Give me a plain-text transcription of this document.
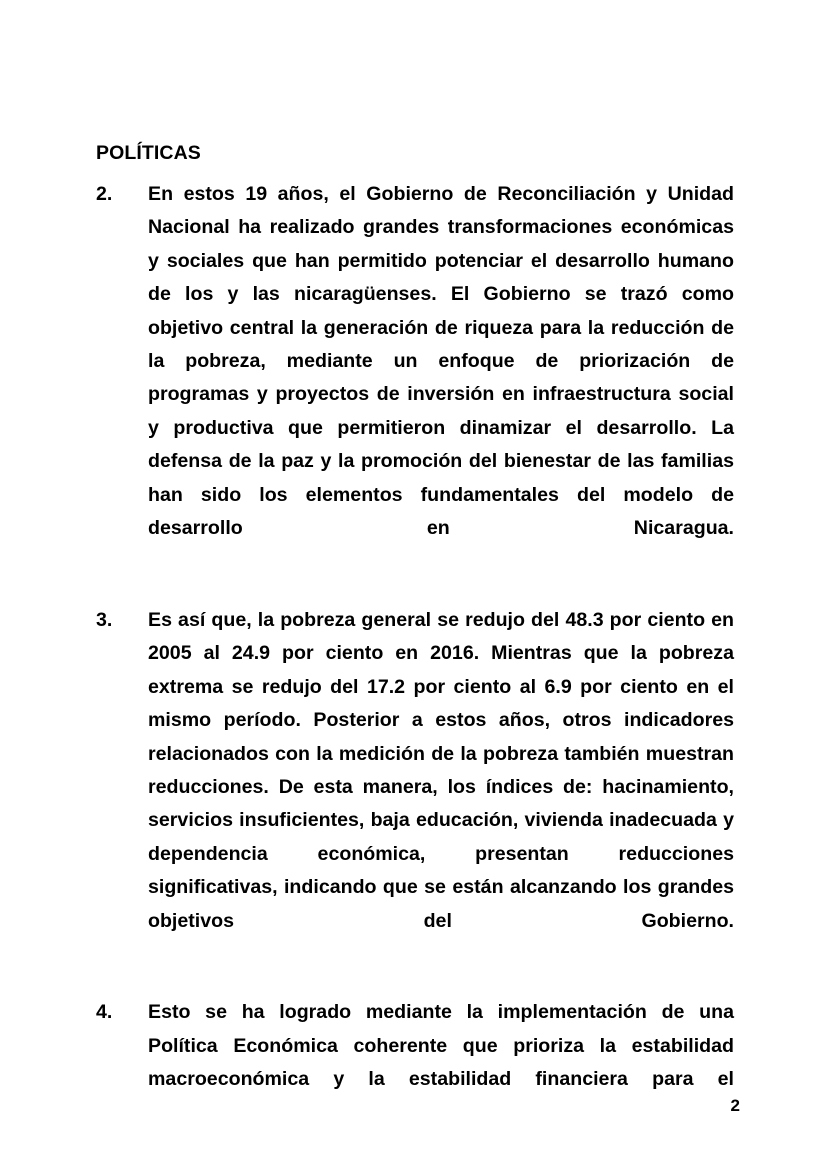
POLÍTICAS
2.	En estos 19 años, el Gobierno de Reconciliación y Unidad Nacional ha realizado grandes transformaciones económicas y sociales que han permitido potenciar el desarrollo humano de los y las nicaragüenses. El Gobierno se trazó como objetivo central la generación de riqueza para la reducción de la pobreza, mediante un enfoque de priorización de programas y proyectos de inversión en infraestructura social y productiva que permitieron dinamizar el desarrollo. La defensa de la paz y la promoción del bienestar de las familias han sido los elementos fundamentales del modelo de desarrollo en Nicaragua.
3.	Es así que, la pobreza general se redujo del 48.3 por ciento en 2005 al 24.9 por ciento en 2016. Mientras que la pobreza extrema se redujo del 17.2 por ciento al 6.9 por ciento en el mismo período. Posterior a estos años, otros indicadores relacionados con la medición de la pobreza también muestran reducciones. De esta manera, los índices de: hacinamiento, servicios insuficientes, baja educación, vivienda inadecuada y dependencia económica, presentan reducciones significativas, indicando que se están alcanzando los grandes objetivos del Gobierno.
4.	Esto se ha logrado mediante la implementación de una Política Económica coherente que prioriza la estabilidad macroeconómica y la estabilidad financiera para el
2
